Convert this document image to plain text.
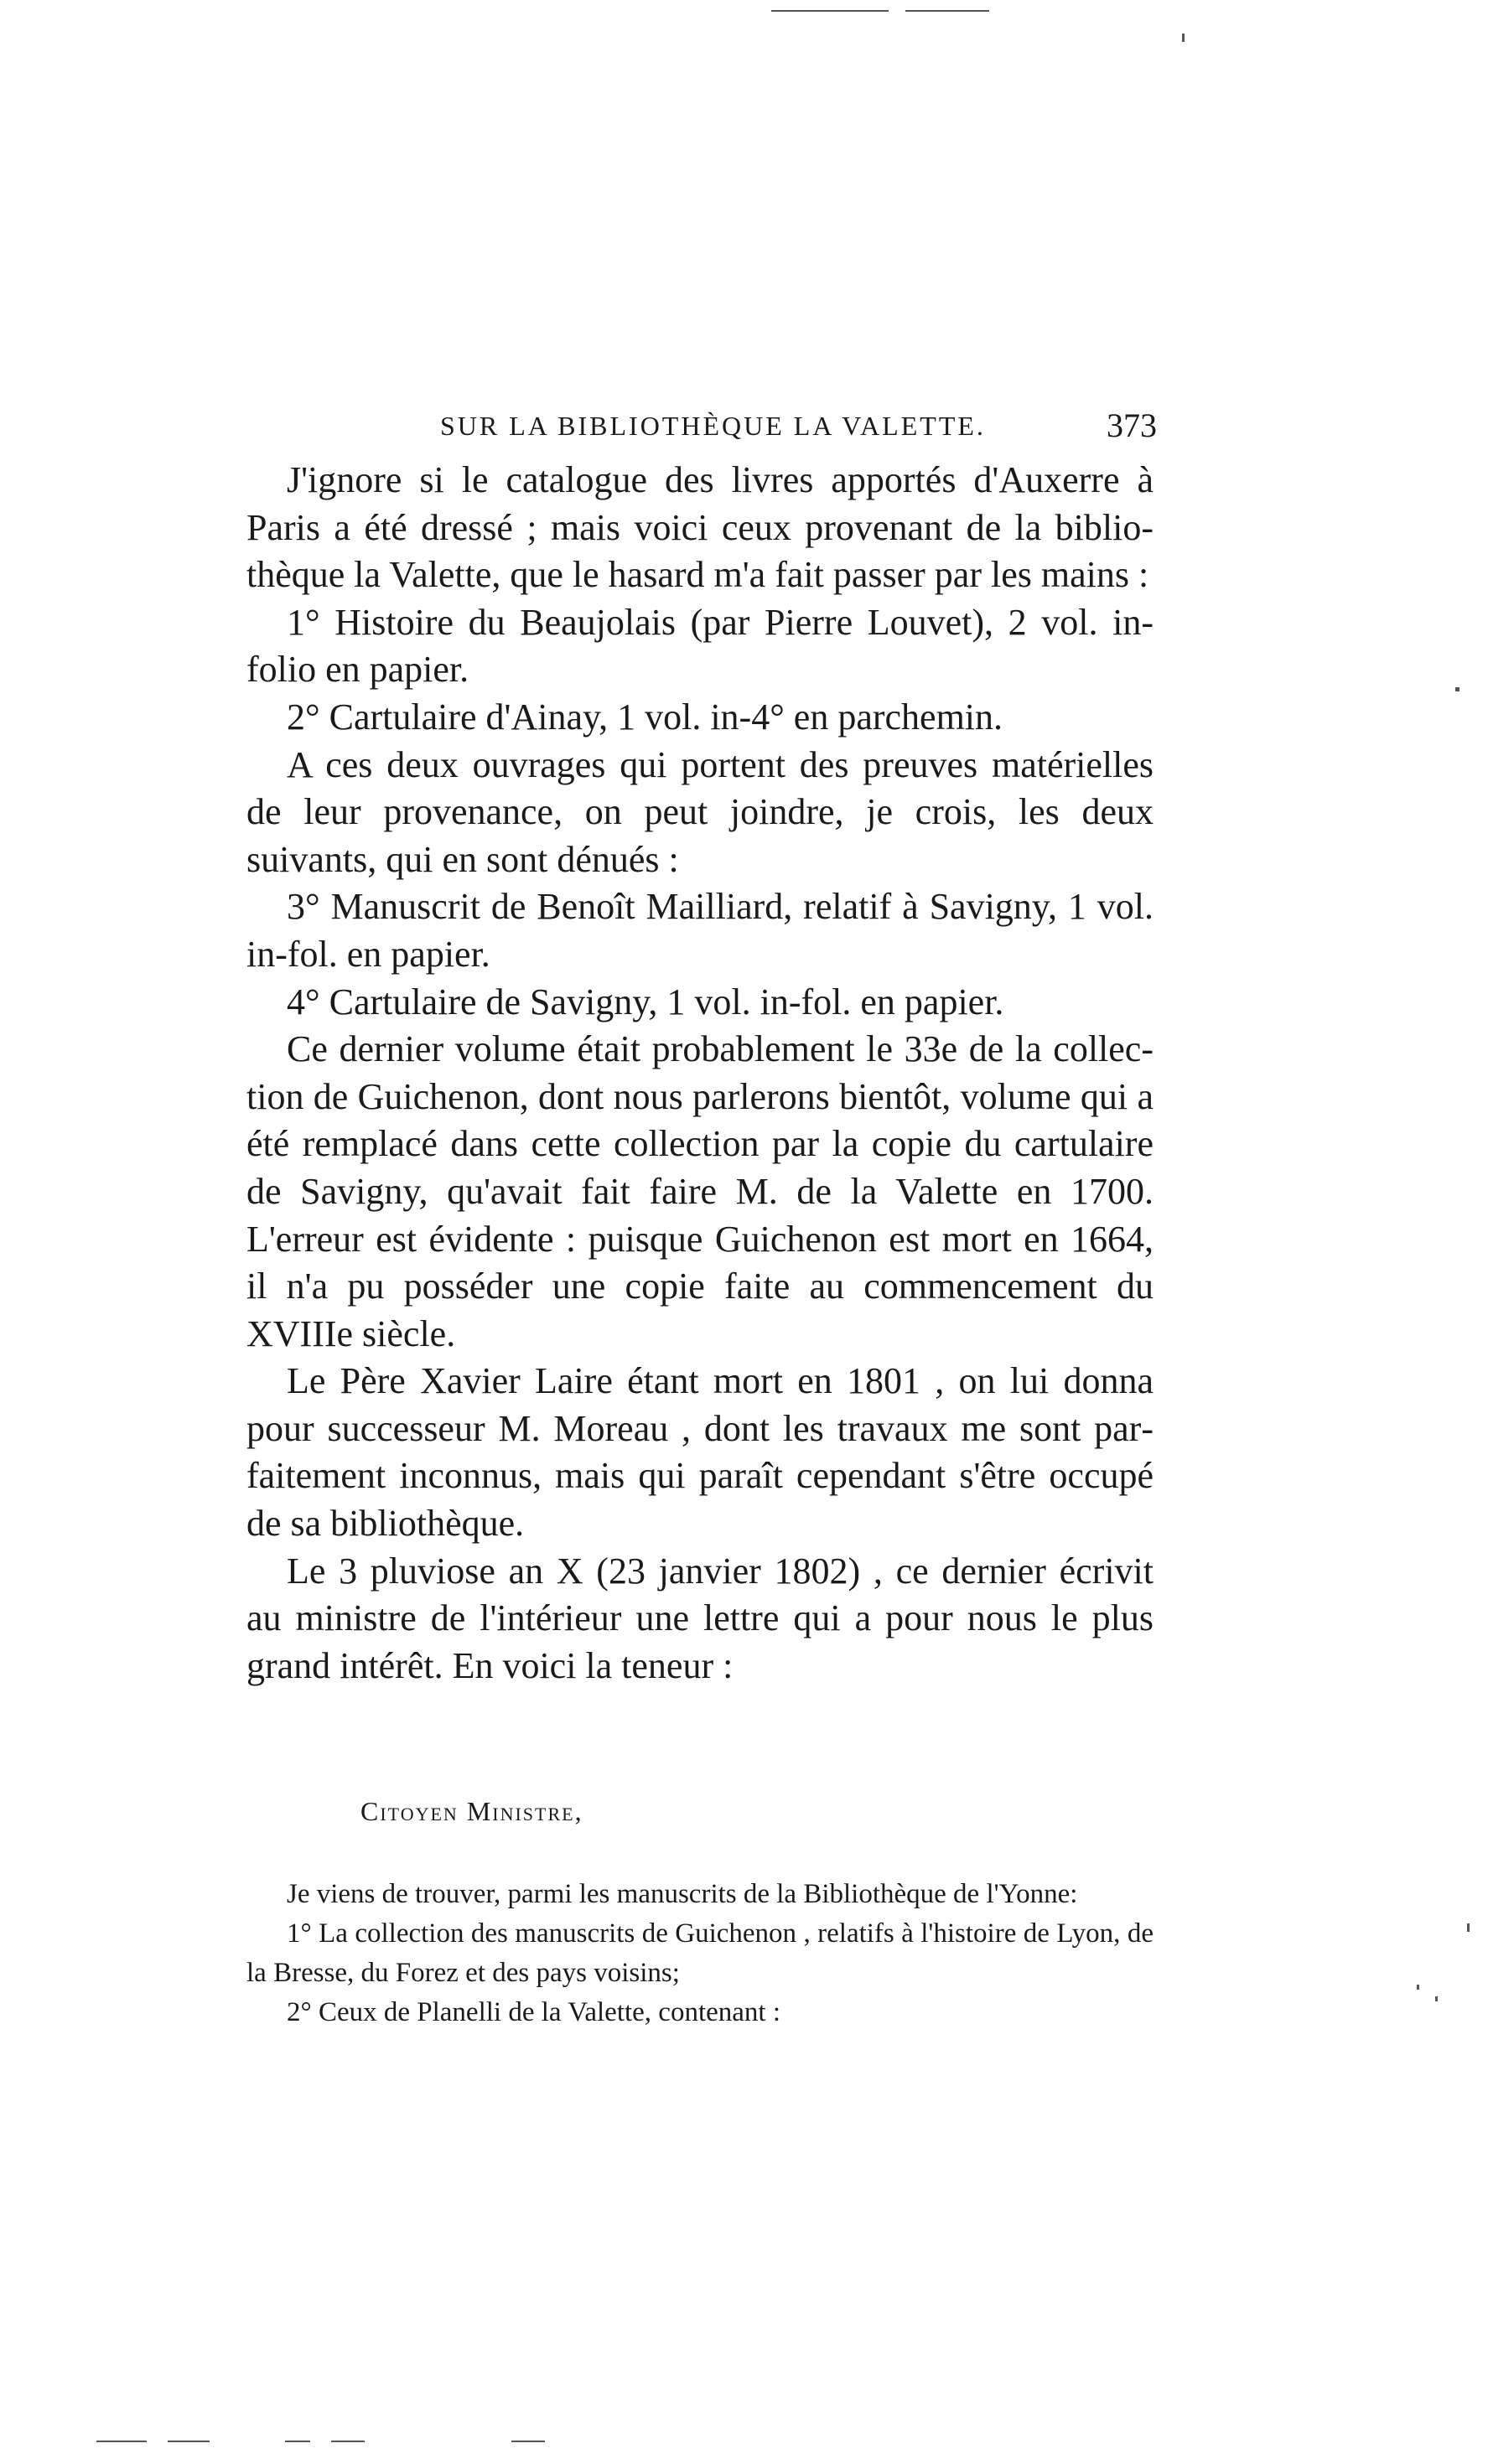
SUR LA BIBLIOTHÈQUE LA VALETTE.	373

J'ignore si le catalogue des livres apportés d'Auxerre à Paris a été dressé ; mais voici ceux provenant de la bibliothèque la Valette, que le hasard m'a fait passer par les mains :

1° Histoire du Beaujolais (par Pierre Louvet), 2 vol. in-folio en papier.

2° Cartulaire d'Ainay, 1 vol. in-4° en parchemin.

A ces deux ouvrages qui portent des preuves matérielles de leur provenance, on peut joindre, je crois, les deux suivants, qui en sont dénués :

3° Manuscrit de Benoît Mailliard, relatif à Savigny, 1 vol. in-fol. en papier.

4° Cartulaire de Savigny, 1 vol. in-fol. en papier.

Ce dernier volume était probablement le 33e de la collection de Guichenon, dont nous parlerons bientôt, volume qui a été remplacé dans cette collection par la copie du cartulaire de Savigny, qu'avait fait faire M. de la Valette en 1700. L'erreur est évidente : puisque Guichenon est mort en 1664, il n'a pu posséder une copie faite au commencement du XVIIIe siècle.

Le Père Xavier Laire étant mort en 1801 , on lui donna pour successeur M. Moreau , dont les travaux me sont parfaitement inconnus, mais qui paraît cependant s'être occupé de sa bibliothèque.

Le 3 pluviose an X (23 janvier 1802) , ce dernier écrivit au ministre de l'intérieur une lettre qui a pour nous le plus grand intérêt. En voici la teneur :

Citoyen Ministre,

Je viens de trouver, parmi les manuscrits de la Bibliothèque de l'Yonne:

1° La collection des manuscrits de Guichenon , relatifs à l'histoire de Lyon, de la Bresse, du Forez et des pays voisins;

2° Ceux de Planelli de la Valette, contenant :
